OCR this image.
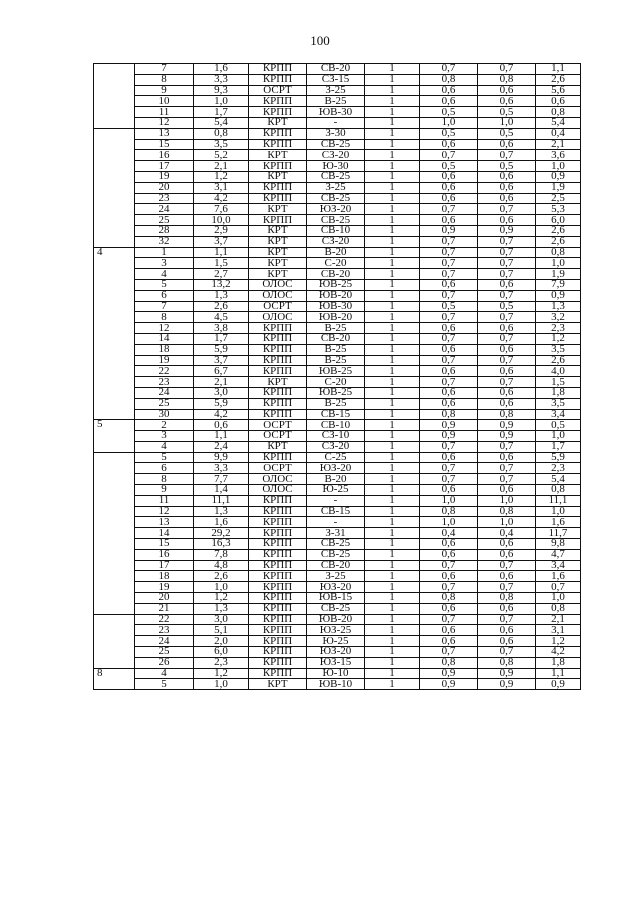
100
	7	1,6	КРПП	СВ-20	1	0,7	0,7	1,1	
	8	3,3	КРПП	СЗ-15	1	0,8	0,8	2,6	
	9	9,3	ОСРТ	З-25	1	0,6	0,6	5,6	
	10	1,0	КРПП	В-25	1	0,6	0,6	0,6	
	11	1,7	КРПП	ЮВ-30	1	0,5	0,5	0,8	
	12	5,4	КРТ	-	1	1,0	1,0	5,4	
	13	0,8	КРПП	З-30	1	0,5	0,5	0,4	
	15	3,5	КРПП	СВ-25	1	0,6	0,6	2,1	
	16	5,2	КРТ	СЗ-20	1	0,7	0,7	3,6	
	17	2,1	КРПП	Ю-30	1	0,5	0,5	1,0	
	19	1,2	КРТ	СВ-25	1	0,6	0,6	0,9	
	20	3,1	КРПП	З-25	1	0,6	0,6	1,9	
	23	4,2	КРПП	СВ-25	1	0,6	0,6	2,5	
	24	7,6	КРТ	ЮЗ-20	1	0,7	0,7	5,3	
	25	10,0	КРПП	СВ-25	1	0,6	0,6	6,0	
	28	2,9	КРТ	СВ-10	1	0,9	0,9	2,6	
	32	3,7	КРТ	СЗ-20	1	0,7	0,7	2,6	
4	1	1,1	КРТ	В-20	1	0,7	0,7	0,8	
	3	1,5	КРТ	С-20	1	0,7	0,7	1,0	
	4	2,7	КРТ	СВ-20	1	0,7	0,7	1,9	
	5	13,2	ОЛОС	ЮВ-25	1	0,6	0,6	7,9	
	6	1,3	ОЛОС	ЮВ-20	1	0,7	0,7	0,9	
	7	2,6	ОСРТ	ЮВ-30	1	0,5	0,5	1,3	
	8	4,5	ОЛОС	ЮВ-20	1	0,7	0,7	3,2	
	12	3,8	КРПП	В-25	1	0,6	0,6	2,3	
	14	1,7	КРПП	СВ-20	1	0,7	0,7	1,2	
	18	5,9	КРПП	В-25	1	0,6	0,6	3,5	
	19	3,7	КРПП	В-25	1	0,7	0,7	2,6	
	22	6,7	КРПП	ЮВ-25	1	0,6	0,6	4,0	
	23	2,1	КРТ	С-20	1	0,7	0,7	1,5	
	24	3,0	КРПП	ЮВ-25	1	0,6	0,6	1,8	
	25	5,9	КРПП	В-25	1	0,6	0,6	3,5	
	30	4,2	КРПП	СВ-15	1	0,8	0,8	3,4	
5	2	0,6	ОСРТ	СВ-10	1	0,9	0,9	0,5	
	3	1,1	ОСРТ	СЗ-10	1	0,9	0,9	1,0	
	4	2,4	КРТ	СЗ-20	1	0,7	0,7	1,7	
	5	9,9	КРПП	С-25	1	0,6	0,6	5,9	
	6	3,3	ОСРТ	ЮЗ-20	1	0,7	0,7	2,3	
	8	7,7	ОЛОС	В-20	1	0,7	0,7	5,4	
	9	1,4	ОЛОС	Ю-25	1	0,6	0,6	0,8	
	11	11,1	КРПП	-	1	1,0	1,0	11,1	
	12	1,3	КРПП	СВ-15	1	0,8	0,8	1,0	
	13	1,6	КРПП	-	1	1,0	1,0	1,6	
	14	29,2	КРПП	З-31	1	0,4	0,4	11,7	
	15	16,3	КРПП	СВ-25	1	0,6	0,6	9,8	
	16	7,8	КРПП	СВ-25	1	0,6	0,6	4,7	
	17	4,8	КРПП	СВ-20	1	0,7	0,7	3,4	
	18	2,6	КРПП	З-25	1	0,6	0,6	1,6	
	19	1,0	КРПП	ЮЗ-20	1	0,7	0,7	0,7	
	20	1,2	КРПП	ЮВ-15	1	0,8	0,8	1,0	
	21	1,3	КРПП	СВ-25	1	0,6	0,6	0,8	
	22	3,0	КРПП	ЮВ-20	1	0,7	0,7	2,1	
	23	5,1	КРПП	ЮЗ-25	1	0,6	0,6	3,1	
	24	2,0	КРПП	Ю-25	1	0,6	0,6	1,2	
	25	6,0	КРПП	ЮЗ-20	1	0,7	0,7	4,2	
	26	2,3	КРПП	ЮЗ-15	1	0,8	0,8	1,8	
8	4	1,2	КРПП	Ю-10	1	0,9	0,9	1,1	
	5	1,0	КРТ	ЮВ-10	1	0,9	0,9	0,9	
